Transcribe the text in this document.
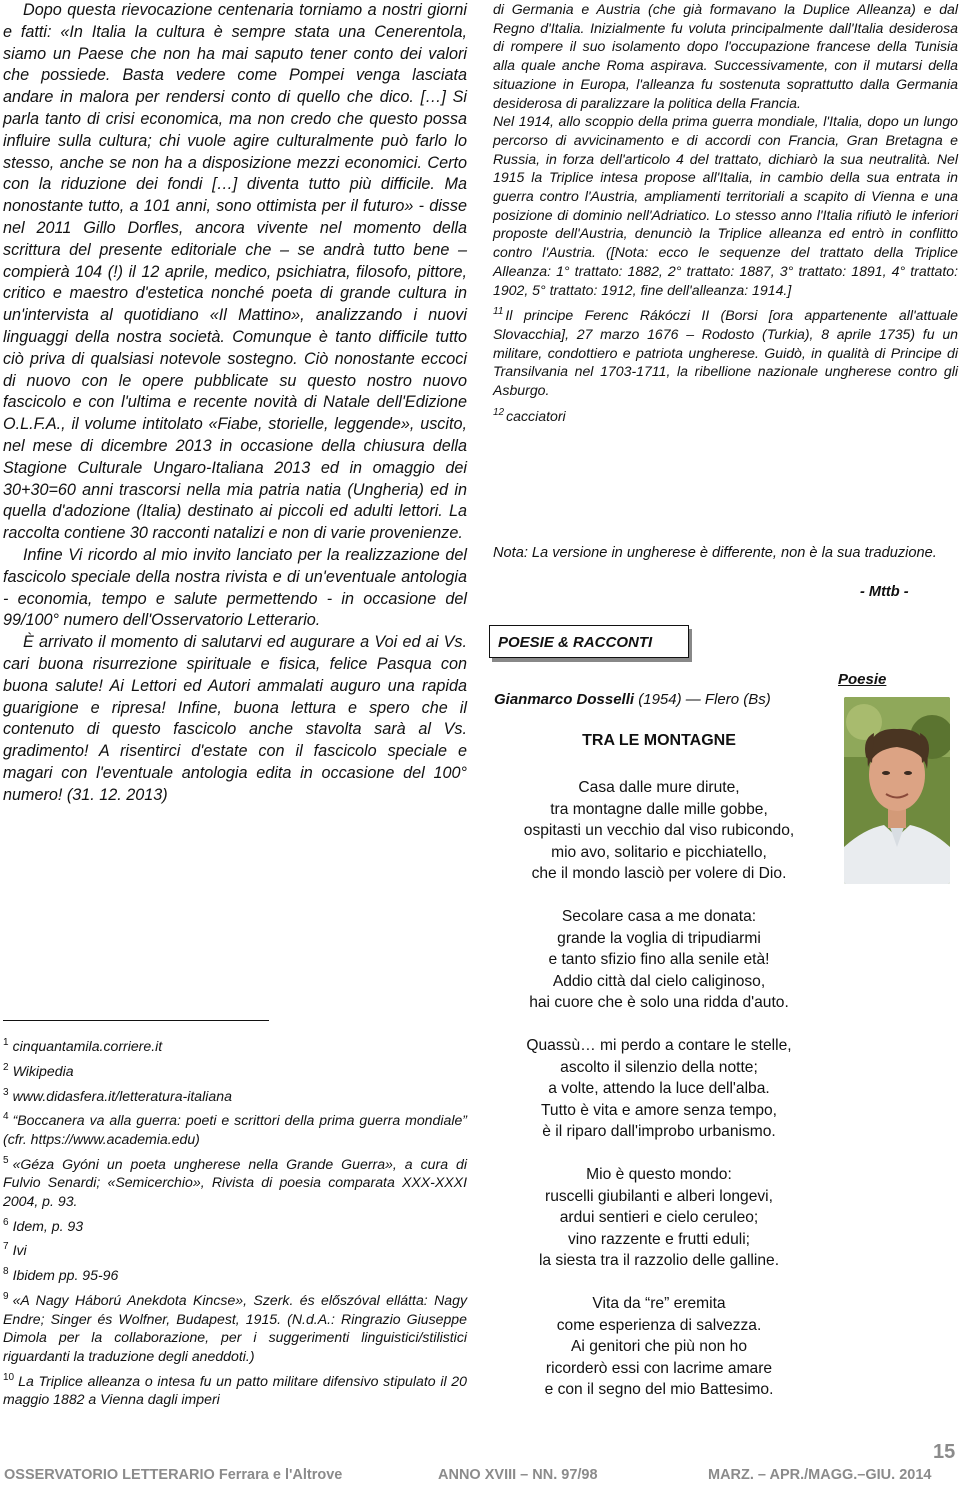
Dopo questa rievocazione centenaria torniamo a nostri giorni e fatti: «In Italia la cultura è sempre stata una Cenerentola, siamo un Paese che non ha mai saputo tener conto dei valori che possiede. Basta vedere come Pompei venga lasciata andare in malora per rendersi conto di quello che dico. […] Si parla tanto di crisi economica, ma non credo che questo possa influire sulla cultura; chi vuole agire culturalmente può farlo lo stesso, anche se non ha a disposizione mezzi economici. Certo con la riduzione dei fondi […] diventa tutto più difficile. Ma nonostante tutto, a 101 anni, sono ottimista per il futuro» - disse nel 2011 Gillo Dorfles, ancora vivente nel momento della scrittura del presente editoriale che – se andrà tutto bene – compierà 104 (!) il 12 aprile, medico, psichiatra, filosofo, pittore, critico e maestro d'estetica nonché poeta di grande cultura in un'intervista al quotidiano «Il Mattino», analizzando i nuovi linguaggi della nostra società. Comunque è tanto difficile tutto ciò priva di qualsiasi notevole sostegno. Ciò nonostante eccoci di nuovo con le opere pubblicate su questo nostro nuovo fascicolo e con l'ultima e recente novità di Natale dell'Edizione O.L.F.A., il volume intitolato «Fiabe, storielle, leggende», uscito, nel mese di dicembre 2013 in occasione della chiusura della Stagione Culturale Ungaro-Italiana 2013 ed in omaggio dei 30+30=60 anni trascorsi nella mia patria natia (Ungheria) ed in quella d'adozione (Italia) destinato ai piccoli ed adulti lettori. La raccolta contiene 30 racconti natalizi e non di varie provenienze.

Infine Vi ricordo al mio invito lanciato per la realizzazione del fascicolo speciale della nostra rivista e di un'eventuale antologia - economia, tempo e salute permettendo - in occasione del 99/100° numero dell'Osservatorio Letterario.

È arrivato il momento di salutarvi ed augurare a Voi ed ai Vs. cari buona risurrezione spirituale e fisica, felice Pasqua con buona salute! Ai Lettori ed Autori ammalati auguro una rapida guarigione e ripresa! Infine, buona lettura e spero che il contenuto di questo fascicolo anche stavolta sarà al Vs. gradimento! A risentirci d'estate con il fascicolo speciale e magari con l'eventuale antologia edita in occasione del 100° numero! (31. 12. 2013)

$^1$ cinquantamila.corriere.it

$^2$ Wikipedia

$^3$ www.didasfera.it/letteratura-italiana

$^4$ “Boccanera va alla guerra: poeti e scrittori della prima guerra mondiale” (cfr. https://www.academia.edu)

$^5$ «Géza Gyóni un poeta ungherese nella Grande Guerra», a cura di Fulvio Senardi; «Semicerchio», Rivista di poesia comparata XXX-XXXI 2004, p. 93.

$^6$ Idem, p. 93

$^7$ Ivi

$^8$ Ibidem pp. 95-96

$^9$ «A Nagy Háború Anekdota Kincse», Szerk. és előszóval ellátta: Nagy Endre; Singer és Wolfner, Budapest, 1915. (N.d.A.: Ringrazio Giuseppe Dimola per la collaborazione, per i suggerimenti linguistici/stilistici riguardanti la traduzione degli aneddoti.)

$^{10}$ La Triplice alleanza o intesa fu un patto militare difensivo stipulato il 20 maggio 1882 a Vienna dagli imperi

di Germania e Austria (che già formavano la Duplice Alleanza) e dal Regno d'Italia. Inizialmente fu voluta principalmente dall'Italia desiderosa di rompere il suo isolamento dopo l'occupazione francese della Tunisia alla quale anche Roma aspirava. Successivamente, con il mutarsi della situazione in Europa, l'alleanza fu sostenuta soprattutto dalla Germania desiderosa di paralizzare la politica della Francia.

Nel 1914, allo scoppio della prima guerra mondiale, l'Italia, dopo un lungo percorso di avvicinamento e di accordi con Francia, Gran Bretagna e Russia, in forza dell'articolo 4 del trattato, dichiarò la sua neutralità. Nel 1915 la Triplice intesa propose all'Italia, in cambio della sua entrata in guerra contro l'Austria, ampliamenti territoriali a scapito di Vienna e una posizione di dominio nell'Adriatico. Lo stesso anno l'Italia rifiutò le inferiori proposte dell'Austria, denunciò la Triplice alleanza ed entrò in conflitto contro l'Austria. ([Nota: ecco le sequenze del trattato della Triplice Alleanza: 1° trattato: 1882, 2° trattato: 1887, 3° trattato: 1891, 4° trattato: 1902, 5° trattato: 1912, fine dell'alleanza: 1914.]

$^{11}$ Il principe Ferenc Rákóczi II (Borsi [ora appartenente all'attuale Slovacchia], 27 marzo 1676 – Rodosto (Turkia), 8 aprile 1735) fu un militare, condottiero e patriota ungherese. Guidò, in qualità di Principe di Transilvania nel 1703-1711, la ribellione nazionale ungherese contro gli Asburgo.

$^{12}$ cacciatori

Nota: La versione in ungherese è differente, non è la sua traduzione.

- Mttb -
POESIE & RACCONTI
Poesie
Gianmarco Dosselli (1954) — Flero (Bs)
TRA LE MONTAGNE
Casa dalle mure dirute,
tra montagne dalle mille gobbe,
ospitasti un vecchio dal viso rubicondo,
mio avo, solitario e picchiatello,
che il mondo lasciò per volere di Dio.
Secolare casa a me donata:
grande la voglia di tripudiarmi
e tanto sfizio fino alla senile età!
Addio città dal cielo caliginoso,
hai cuore che è solo una ridda d'auto.
Quassù… mi perdo a contare le stelle,
ascolto il silenzio della notte;
a volte, attendo la luce dell'alba.
Tutto è vita e amore senza tempo,
è il riparo dall'improbo urbanismo.
Mio è questo mondo:
ruscelli giubilanti e alberi longevi,
ardui sentieri e cielo ceruleo;
vino razzente e frutti eduli;
la siesta tra il razzolio delle galline.
Vita da “re” eremita
come esperienza di salvezza.
Ai genitori che più non ho
ricorderò essi con lacrime amare
e con il segno del mio Battesimo.
15
OSSERVATORIO LETTERARIO Ferrara e l'Altrove	ANNO XVIII – NN. 97/98	MARZ. – APR./MAGG.–GIU. 2014
